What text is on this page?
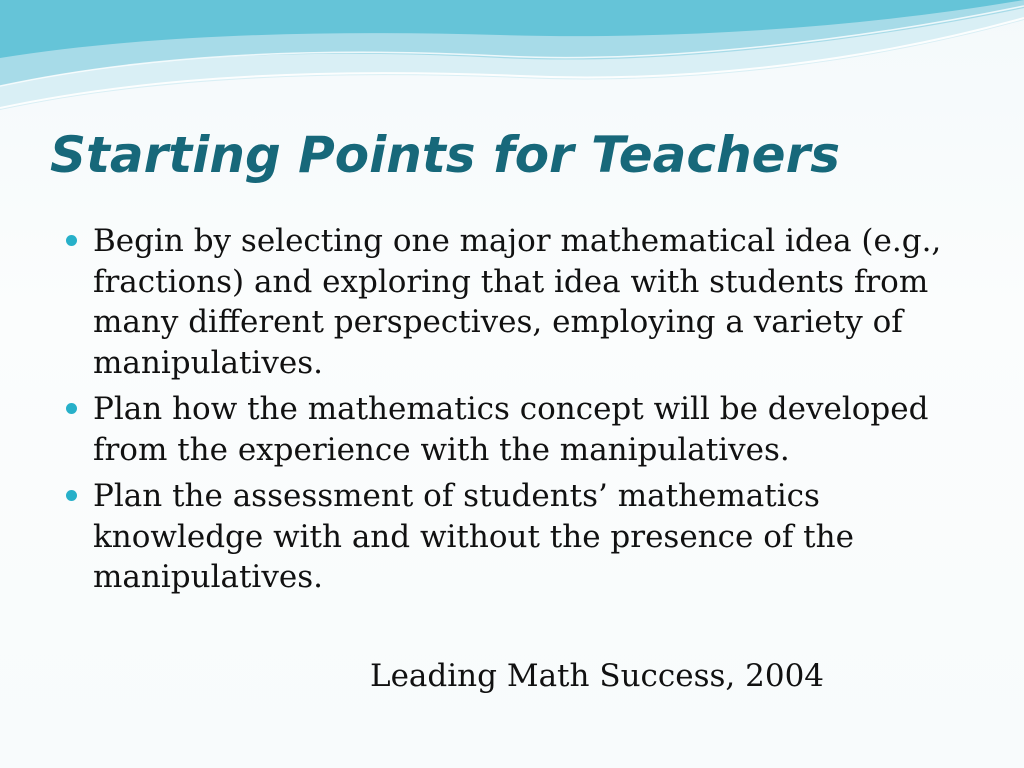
Starting Points for Teachers
Begin by selecting one major mathematical idea (e.g., fractions) and exploring that idea with students from many different perspectives, employing a variety of manipulatives.
Plan how the mathematics concept will be developed from the experience with the manipulatives.
Plan the assessment of students’ mathematics knowledge with and without the presence of the manipulatives.

Leading Math Success, 2004
